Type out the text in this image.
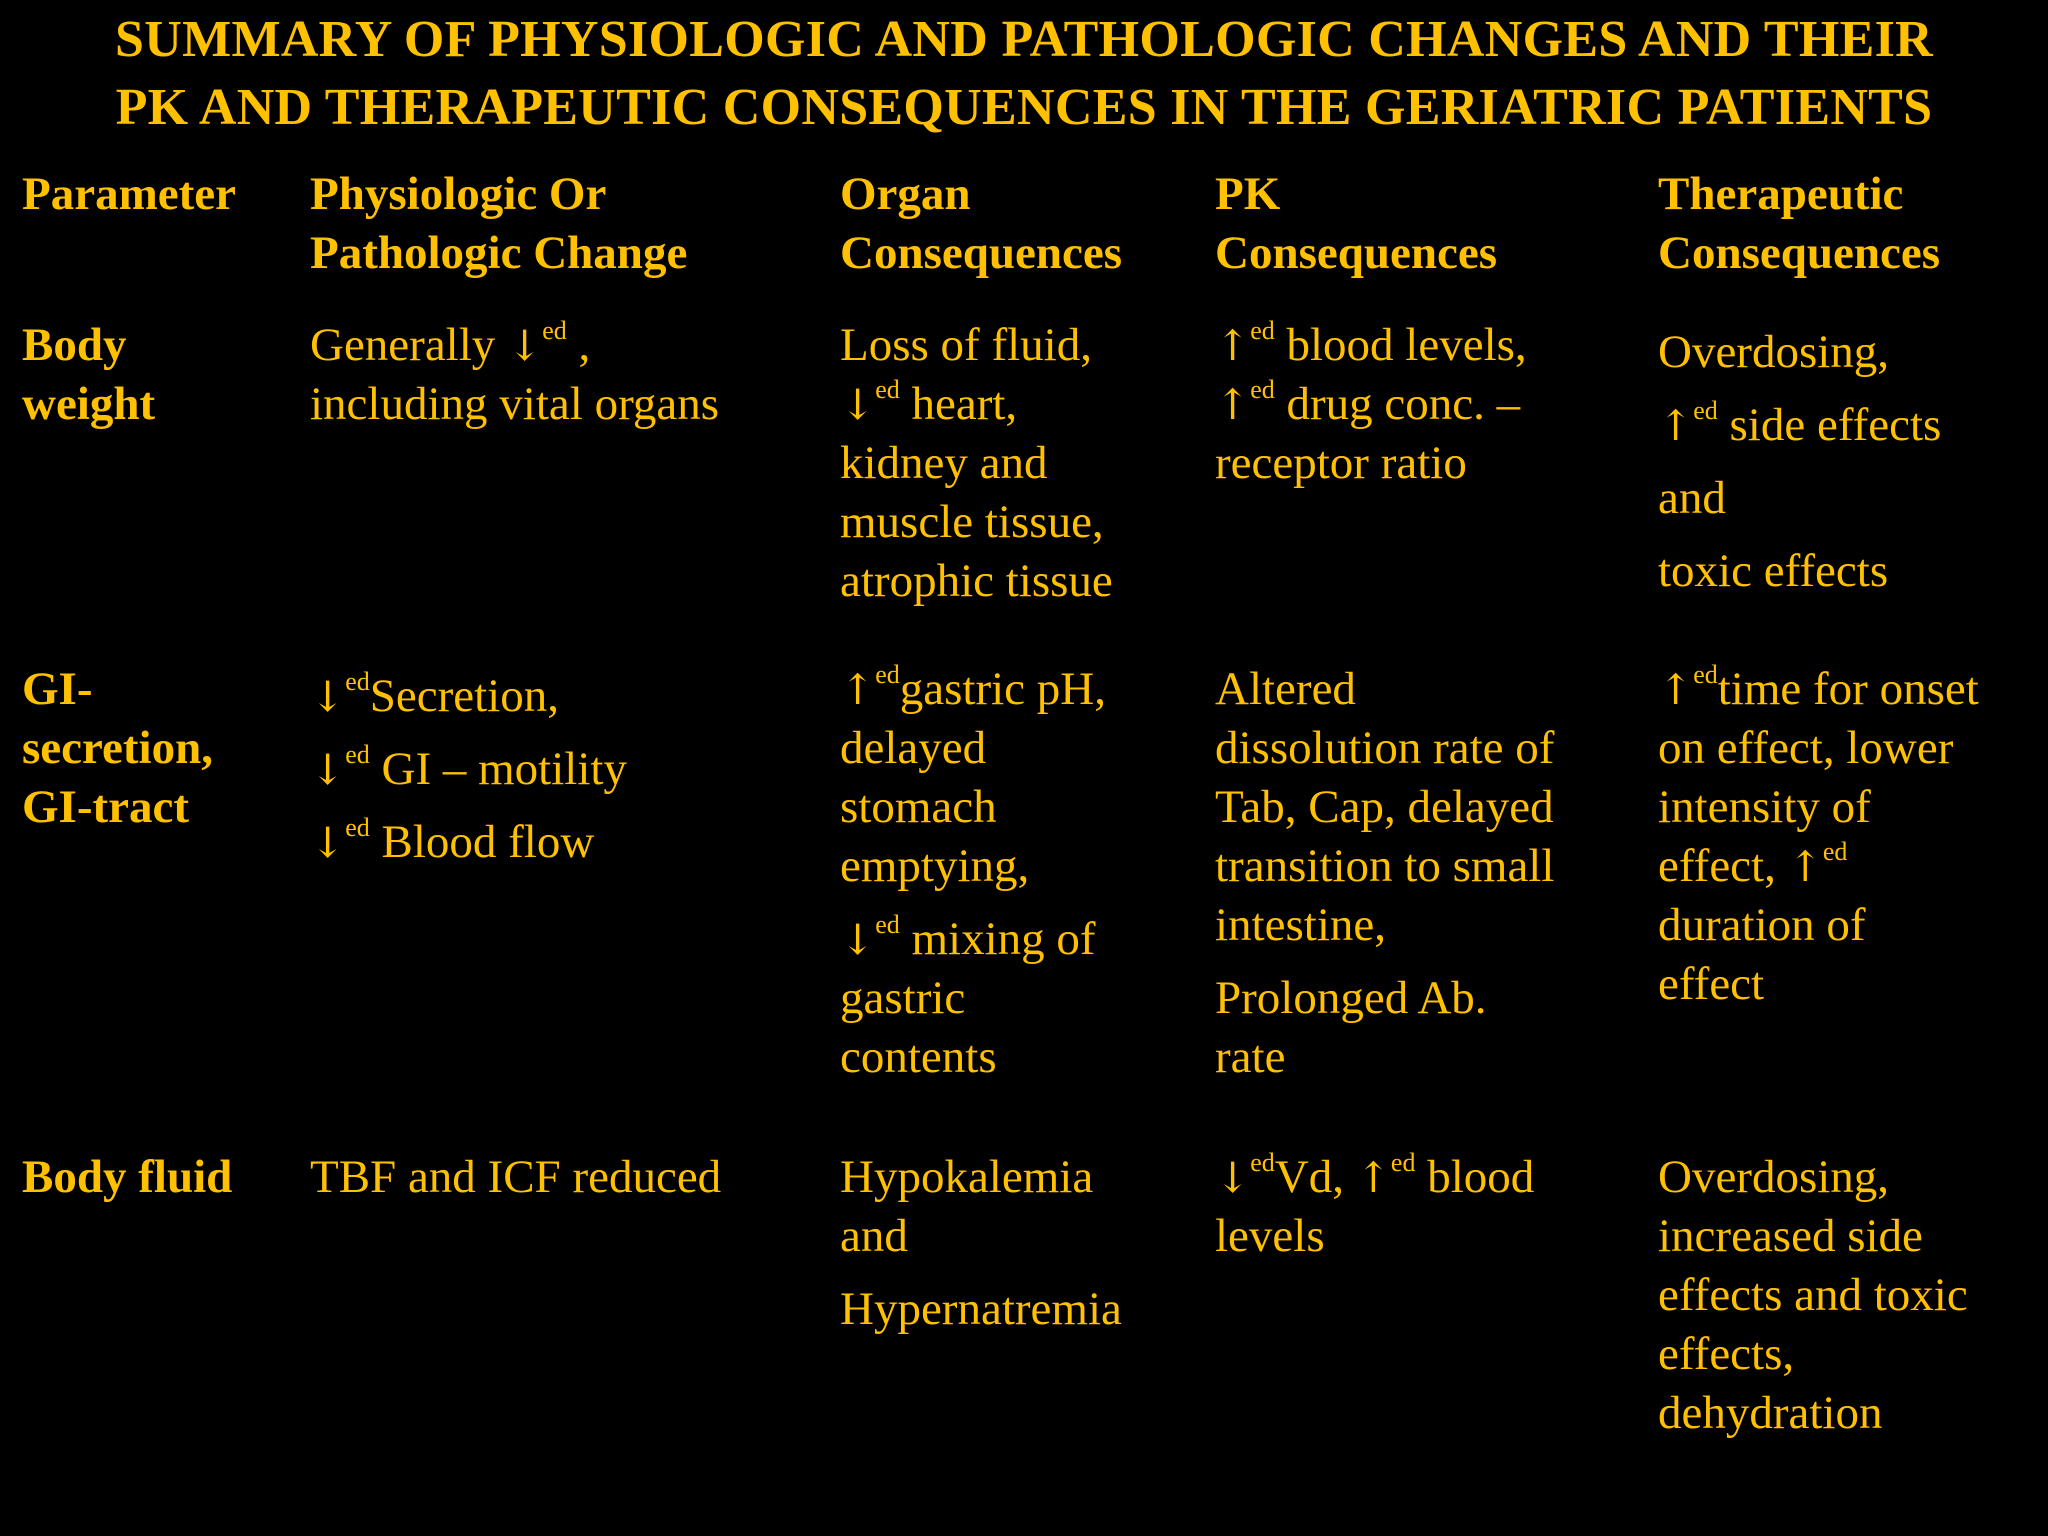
SUMMARY OF PHYSIOLOGIC AND PATHOLOGIC CHANGES AND THEIR
PK AND THERAPEUTIC CONSEQUENCES IN THE GERIATRIC PATIENTS
Parameter Physiologic Or
Pathologic Change
Organ
Consequences
PK
Consequences
Therapeutic
Consequences
Body
weight
Generally ↓$^{ed}$ ,
including vital organs
Loss of fluid,
↓$^{ed}$ heart,
kidney and
muscle tissue,
atrophic tissue
↑$^{ed}$ blood levels,
↑$^{ed}$ drug conc. –
receptor ratio
Overdosing,
↑$^{ed}$ side effects
and
toxic effects
GI-
secretion,
GI-tract
↓$^{ed}$Secretion,
↓$^{ed}$ GI – motility
↓$^{ed}$ Blood flow
↑$^{ed}$gastric pH,
delayed
stomach
emptying,
↓$^{ed}$ mixing of
gastric
contents
Altered
dissolution rate of
Tab, Cap, delayed
transition to small
intestine,
Prolonged Ab.
rate
↑$^{ed}$time for onset
on effect, lower
intensity of
effect, ↑$^{ed}$
duration of
effect
Body fluid TBF and ICF reduced	Hypokalemia
and
Hypernatremia
↓$^{ed}$Vd, ↑$^{ed}$ blood
levels
Overdosing,
increased side
effects and toxic
effects,
dehydration
